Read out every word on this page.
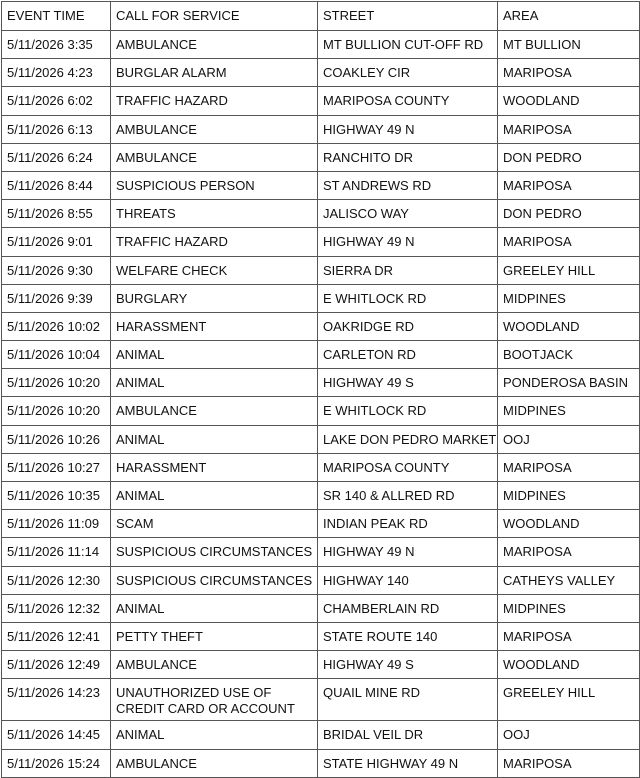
EVENT TIME	CALL FOR SERVICE	STREET	AREA
5/11/2026 3:35	AMBULANCE	MT BULLION CUT-OFF RD	MT BULLION
5/11/2026 4:23	BURGLAR ALARM	COAKLEY CIR	MARIPOSA
5/11/2026 6:02	TRAFFIC HAZARD	MARIPOSA COUNTY	WOODLAND
5/11/2026 6:13	AMBULANCE	HIGHWAY 49 N	MARIPOSA
5/11/2026 6:24	AMBULANCE	RANCHITO DR	DON PEDRO
5/11/2026 8:44	SUSPICIOUS PERSON	ST ANDREWS RD	MARIPOSA
5/11/2026 8:55	THREATS	JALISCO WAY	DON PEDRO
5/11/2026 9:01	TRAFFIC HAZARD	HIGHWAY 49 N	MARIPOSA
5/11/2026 9:30	WELFARE CHECK	SIERRA DR	GREELEY HILL
5/11/2026 9:39	BURGLARY	E WHITLOCK RD	MIDPINES
5/11/2026 10:02	HARASSMENT	OAKRIDGE RD	WOODLAND
5/11/2026 10:04	ANIMAL	CARLETON RD	BOOTJACK
5/11/2026 10:20	ANIMAL	HIGHWAY 49 S	PONDEROSA BASIN
5/11/2026 10:20	AMBULANCE	E WHITLOCK RD	MIDPINES
5/11/2026 10:26	ANIMAL	LAKE DON PEDRO MARKET	OOJ
5/11/2026 10:27	HARASSMENT	MARIPOSA COUNTY	MARIPOSA
5/11/2026 10:35	ANIMAL	SR 140 & ALLRED RD	MIDPINES
5/11/2026 11:09	SCAM	INDIAN PEAK RD	WOODLAND
5/11/2026 11:14	SUSPICIOUS CIRCUMSTANCES	HIGHWAY 49 N	MARIPOSA
5/11/2026 12:30	SUSPICIOUS CIRCUMSTANCES	HIGHWAY 140	CATHEYS VALLEY
5/11/2026 12:32	ANIMAL	CHAMBERLAIN RD	MIDPINES
5/11/2026 12:41	PETTY THEFT	STATE ROUTE 140	MARIPOSA
5/11/2026 12:49	AMBULANCE	HIGHWAY 49 S	WOODLAND
5/11/2026 14:23	UNAUTHORIZED USE OF CREDIT CARD OR ACCOUNT	QUAIL MINE RD	GREELEY HILL
5/11/2026 14:45	ANIMAL	BRIDAL VEIL DR	OOJ
5/11/2026 15:24	AMBULANCE	STATE HIGHWAY 49 N	MARIPOSA
